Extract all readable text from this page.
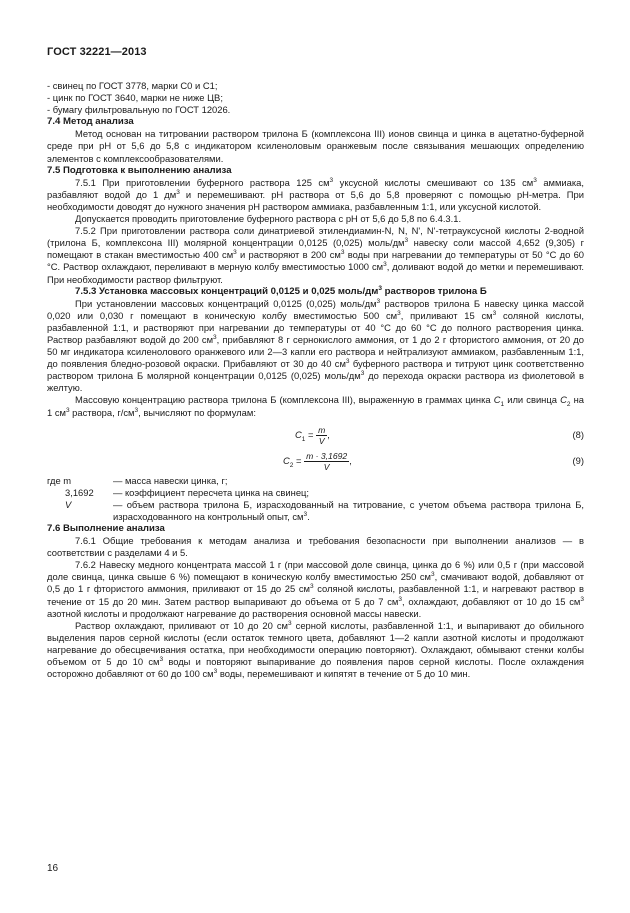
ГОСТ 32221—2013

- свинец по ГОСТ 3778, марки С0 и С1;

- цинк по ГОСТ 3640, марки не ниже ЦВ;

- бумагу фильтровальную по ГОСТ 12026.

7.4 Метод анализа

Метод основан на титровании раствором трилона Б (комплексона III) ионов свинца и цинка в ацетатно-буферной среде при pH от 5,6 до 5,8 с индикатором ксиленоловым оранжевым после связывания мешающих определению элементов с комплексообразователями.

7.5 Подготовка к выполнению анализа

7.5.1 При приготовлении буферного раствора 125 $см^3$ уксусной кислоты смешивают со 135 $см^3$ аммиака, разбавляют водой до 1 $дм^3$ и перемешивают. pH раствора от 5,6 до 5,8 проверяют с помощью pH-метра. При необходимости доводят до нужного значения pH раствором аммиака, разбавленным 1:1, или уксусной кислотой.

Допускается проводить приготовление буферного раствора с pH от 5,6 до 5,8 по 6.4.3.1.

7.5.2 При приготовлении раствора соли динатриевой этилендиамин-N, N, N', N'-тетрауксусной кислоты 2-водной (трилона Б, комплексона III) молярной концентрации 0,0125 (0,025) моль/$дм^3$ навеску соли массой 4,652 (9,305) г помещают в стакан вместимостью 400 $см^3$ и растворяют в 200 $см^3$ воды при нагревании до температуры от 50 °С до 60 °С. Раствор охлаждают, переливают в мерную колбу вместимостью 1000 $см^3$, доливают водой до метки и перемешивают. При необходимости раствор фильтруют.

7.5.3 Установка массовых концентраций 0,0125 и 0,025 моль/$дм^3$ растворов трилона Б

При установлении массовых концентраций 0,0125 (0,025) моль/$дм^3$ растворов трилона Б навеску цинка массой 0,020 или 0,030 г помещают в коническую колбу вместимостью 500 $см^3$, приливают 15 $см^3$ соляной кислоты, разбавленной 1:1, и растворяют при нагревании до температуры от 40 °С до 60 °С до полного растворения цинка. Раствор разбавляют водой до 200 $см^3$, прибавляют 8 г сернокислого аммония, от 1 до 2 г фтористого аммония, от 20 до 50 мг индикатора ксиленолового оранжевого или 2—3 капли его раствора и нейтрализуют аммиаком, разбавленным 1:1, до появления бледно-розовой окраски. Прибавляют от 30 до 40 $см^3$ буферного раствора и титруют цинк соответственно раствором трилона Б молярной концентрации 0,0125 (0,025) моль/$дм^3$ до перехода окраски раствора из фиолетовой в желтую.

Массовую концентрацию раствора трилона Б (комплексона III), выраженную в граммах цинка $C_1$ или свинца $C_2$ на 1 $см^3$ раствора, $г/см^3$, вычисляют по формулам:

$C_1 = \frac{m}{V}$ ,	(8)
$C_2 = \frac{m \cdot 3,1692}{V}$ ,	(9)
где m	— масса навески цинка, г;
3,1692	— коэффициент пересчета цинка на свинец;
V	— объем раствора трилона Б, израсходованный на титрование, с учетом объема раствора трилона Б, израсходованного на контрольный опыт, $см^3$.

7.6 Выполнение анализа

7.6.1 Общие требования к методам анализа и требования безопасности при выполнении анализов — в соответствии с разделами 4 и 5.

7.6.2 Навеску медного концентрата массой 1 г (при массовой доле свинца, цинка до 6 %) или 0,5 г (при массовой доле свинца, цинка свыше 6 %) помещают в коническую колбу вместимостью 250 $см^3$, смачивают водой, добавляют от 0,5 до 1 г фтористого аммония, приливают от 15 до 25 $см^3$ соляной кислоты, разбавленной 1:1, и нагревают раствор в течение от 15 до 20 мин. Затем раствор выпаривают до объема от 5 до 7 $см^3$, охлаждают, добавляют от 10 до 15 $см^3$ азотной кислоты и продолжают нагревание до растворения основной массы навески.

Раствор охлаждают, приливают от 10 до 20 $см^3$ серной кислоты, разбавленной 1:1, и выпаривают до обильного выделения паров серной кислоты (если остаток темного цвета, добавляют 1—2 капли азотной кислоты и продолжают нагревание до обесцвечивания остатка, при необходимости операцию повторяют). Охлаждают, обмывают стенки колбы объемом от 5 до 10 $см^3$ воды и повторяют выпаривание до появления паров серной кислоты. После охлаждения осторожно добавляют от 60 до 100 $см^3$ воды, перемешивают и кипятят в течение от 5 до 10 мин.

16
